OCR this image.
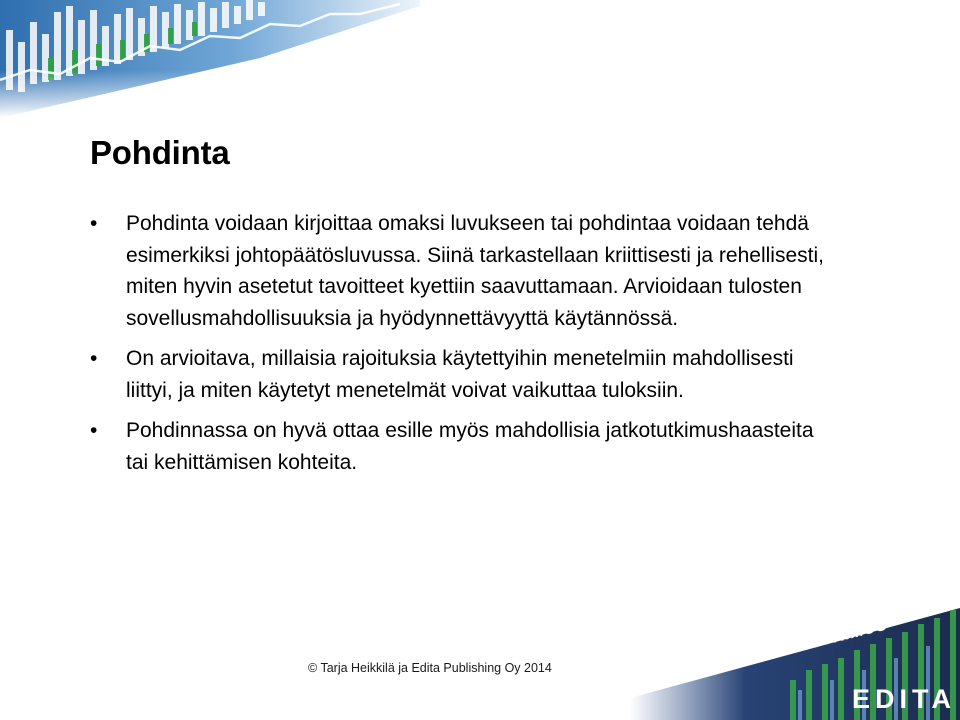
Pohdinta
• Pohdinta voidaan kirjoittaa omaksi luvukseen tai pohdintaa voidaan tehdä esimerkiksi johtopäätösluvussa. Siinä tarkastellaan kriittisesti ja rehellisesti, miten hyvin asetetut tavoitteet kyettiin saavuttamaan. Arvioidaan tulosten sovellusmahdollisuuksia ja hyödynnettävyyttä käytännössä.
• On arvioitava, millaisia rajoituksia käytettyihin menetelmiin mahdollisesti liittyi, ja miten käytetyt menetelmät voivat vaikuttaa tuloksiin.
• Pohdinnassa on hyvä ottaa esille myös mahdollisia jatkotutkimushaasteita tai kehittämisen kohteita.
© Tarja Heikkilä ja Edita Publishing Oy 2014
